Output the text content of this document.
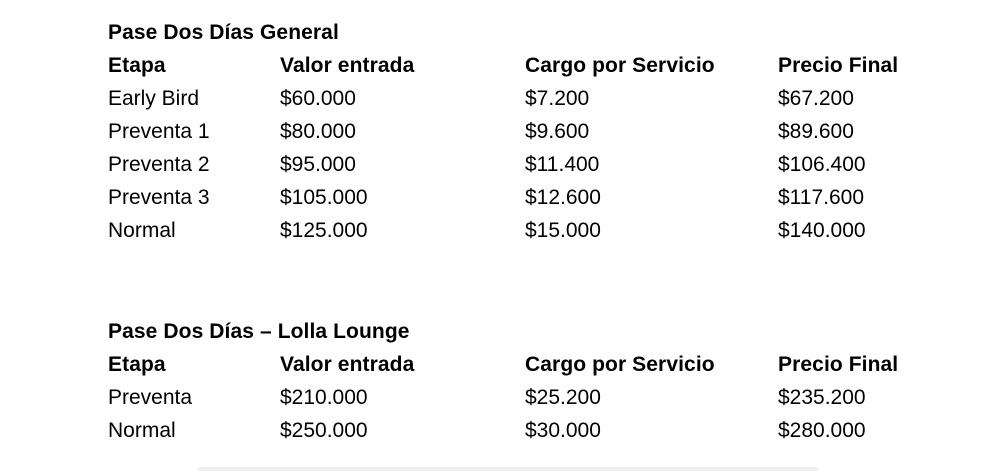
Pase Dos Días General
Etapa	Valor entrada	Cargo por Servicio	Precio Final
Early Bird	$60.000	$7.200	$67.200
Preventa 1	$80.000	$9.600	$89.600
Preventa 2	$95.000	$11.400	$106.400
Preventa 3	$105.000	$12.600	$117.600
Normal	$125.000	$15.000	$140.000
Pase Dos Días – Lolla Lounge
Etapa	Valor entrada	Cargo por Servicio	Precio Final
Preventa	$210.000	$25.200	$235.200
Normal	$250.000	$30.000	$280.000
